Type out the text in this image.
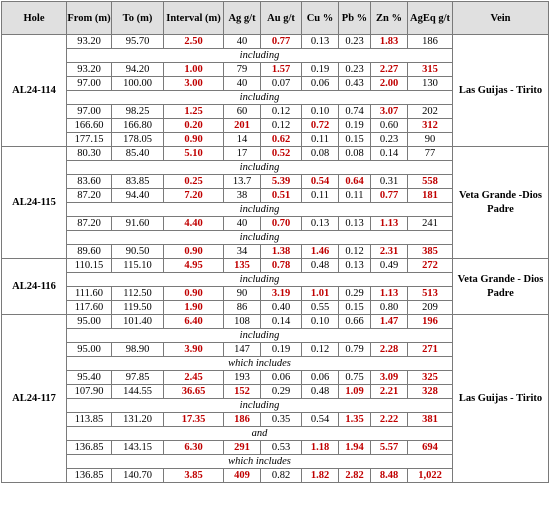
Hole	From (m)	To (m)	Interval (m)	Ag g/t	Au g/t	Cu %	Pb %	Zn %	AgEq g/t	Vein
AL24-114	93.20	95.70	2.50	40	0.77	0.13	0.23	1.83	186	Las Guijas - Tirito
	including									
	93.20	94.20	1.00	79	1.57	0.19	0.23	2.27	315	
	97.00	100.00	3.00	40	0.07	0.06	0.43	2.00	130	
	including									
	97.00	98.25	1.25	60	0.12	0.10	0.74	3.07	202	
	166.60	166.80	0.20	201	0.12	0.72	0.19	0.60	312	
	177.15	178.05	0.90	14	0.62	0.11	0.15	0.23	90	
AL24-115	80.30	85.40	5.10	17	0.52	0.08	0.08	0.14	77	Veta Grande -Dios Padre
	including									
	83.60	83.85	0.25	13.7	5.39	0.54	0.64	0.31	558	
	87.20	94.40	7.20	38	0.51	0.11	0.11	0.77	181	
	including									
	87.20	91.60	4.40	40	0.70	0.13	0.13	1.13	241	
	including									
	89.60	90.50	0.90	34	1.38	1.46	0.12	2.31	385	
AL24-116	110.15	115.10	4.95	135	0.78	0.48	0.13	0.49	272	Veta Grande - Dios Padre
	including									
	111.60	112.50	0.90	90	3.19	1.01	0.29	1.13	513	
	117.60	119.50	1.90	86	0.40	0.55	0.15	0.80	209	
AL24-117	95.00	101.40	6.40	108	0.14	0.10	0.66	1.47	196	Las Guijas - Tirito
	including									
	95.00	98.90	3.90	147	0.19	0.12	0.79	2.28	271	
	which includes									
	95.40	97.85	2.45	193	0.06	0.06	0.75	3.09	325	
	107.90	144.55	36.65	152	0.29	0.48	1.09	2.21	328	
	including									
	113.85	131.20	17.35	186	0.35	0.54	1.35	2.22	381	
	and									
	136.85	143.15	6.30	291	0.53	1.18	1.94	5.57	694	
	which includes									
	136.85	140.70	3.85	409	0.82	1.82	2.82	8.48	1,022	
